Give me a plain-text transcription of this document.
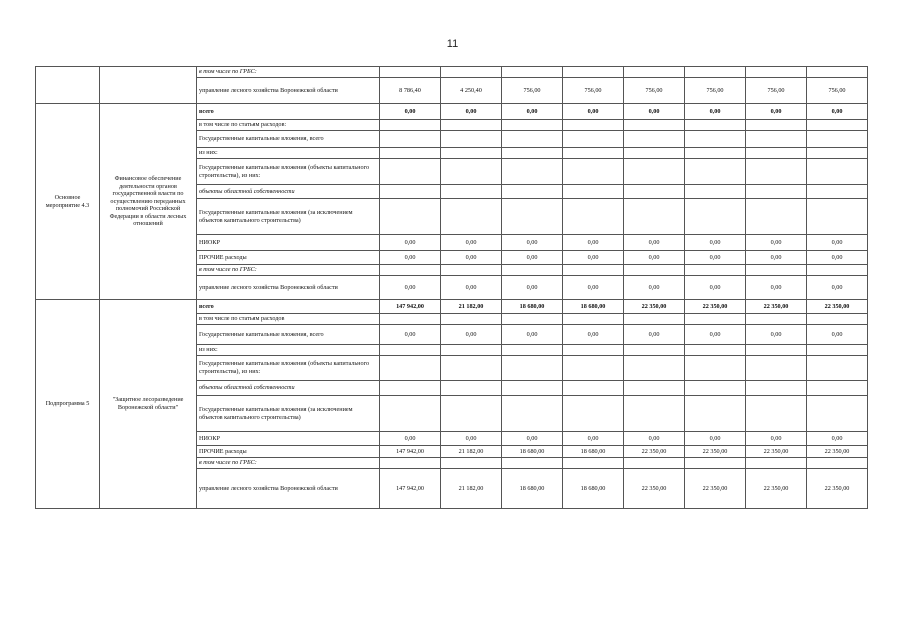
11
		в том числе по ГРБС:								
		управление лесного хозяйства Воронежской области	8 786,40	4 250,40	756,00	756,00	756,00	756,00	756,00	756,00
Основное мероприятие 4.3	Финансовое обеспечение деятельности органов государственной власти по осуществлению переданных полномочий Российской Федерации в области лесных отношений	всего	0,00	0,00	0,00	0,00	0,00	0,00	0,00	0,00
		в том числе по статьям расходов:								
		Государственные капитальные вложения, всего								
		из них:								
		Государственные капитальные вложения (объекты капитального строительства), из них:								
		объекты областной собственности								
		Государственные капитальные вложения (за исключением объектов капитального строительства)								
		НИОКР	0,00	0,00	0,00	0,00	0,00	0,00	0,00	0,00
		ПРОЧИЕ расходы	0,00	0,00	0,00	0,00	0,00	0,00	0,00	0,00
		в том числе по ГРБС:								
		управление лесного хозяйства Воронежской области	0,00	0,00	0,00	0,00	0,00	0,00	0,00	0,00
Подпрограмма 5	"Защитное лесоразведение Воронежской области"	всего	147 942,00	21 182,00	18 680,00	18 680,00	22 350,00	22 350,00	22 350,00	22 350,00
		в том числе по статьям расходов								
		Государственные капитальные вложения, всего	0,00	0,00	0,00	0,00	0,00	0,00	0,00	0,00
		из них:								
		Государственные капитальные вложения (объекты капитального строительства), из них:								
		объекты областной собственности								
		Государственные капитальные вложения (за исключением объектов капитального строительства)								
		НИОКР	0,00	0,00	0,00	0,00	0,00	0,00	0,00	0,00
		ПРОЧИЕ расходы	147 942,00	21 182,00	18 680,00	18 680,00	22 350,00	22 350,00	22 350,00	22 350,00
		в том числе по ГРБС:								
		управление лесного хозяйства Воронежской области	147 942,00	21 182,00	18 680,00	18 680,00	22 350,00	22 350,00	22 350,00	22 350,00
